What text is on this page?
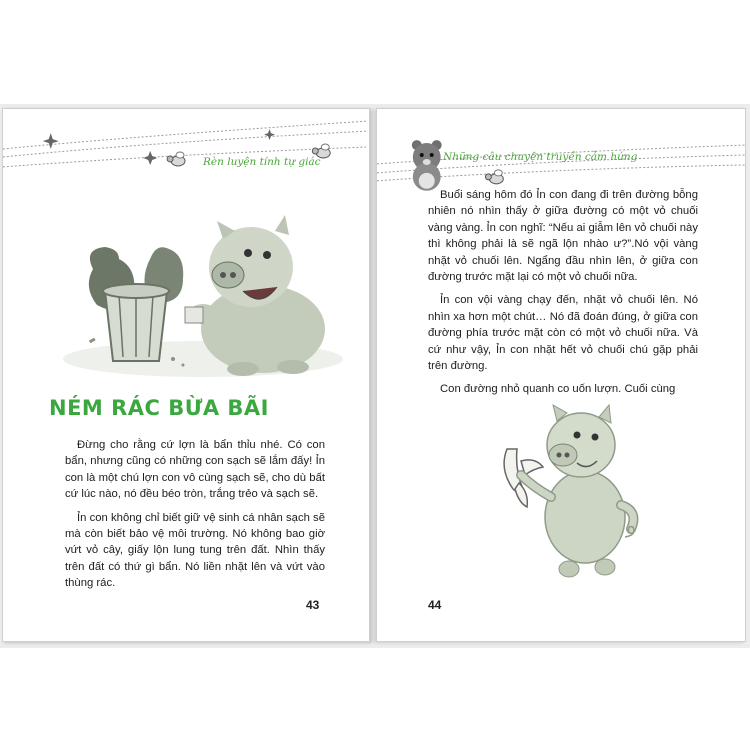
Rèn luyện tính tự giác
NÉM RÁC BỪA BÃI

Đừng cho rằng cứ lợn là bẩn thỉu nhé. Có con bẩn, nhưng cũng có những con sạch sẽ lắm đấy! Ỉn con là một chú lợn con vô cùng sạch sẽ, cho dù bất cứ lúc nào, nó đều béo tròn, trắng trẻo và sạch sẽ.

Ỉn con không chỉ biết giữ vệ sinh cá nhân sạch sẽ mà còn biết bảo vệ môi trường. Nó không bao giờ vứt vỏ cây, giấy lộn lung tung trên đất. Nhìn thấy trên đất có thứ gì bẩn. Nó liền nhặt lên và vứt vào thùng rác.

43
Những câu chuyện truyền cảm hứng

Buổi sáng hôm đó Ỉn con đang đi trên đường bỗng nhiên nó nhìn thấy ở giữa đường có một vỏ chuối vàng vàng. Ỉn con nghĩ: “Nếu ai giẫm lên vỏ chuối này thì không phải là sẽ ngã lộn nhào ư?”.Nó vội vàng nhặt vỏ chuối lên. Ngẩng đầu nhìn lên, ở giữa con đường trước mặt lại có một vỏ chuối nữa.

Ỉn con vội vàng chạy đến, nhặt vỏ chuối lên. Nó nhìn xa hơn một chút… Nó đã đoán đúng, ở giữa con đường phía trước mặt còn có một vỏ chuối nữa. Và cứ như vậy, Ỉn con nhặt hết vỏ chuối chú gặp phải trên đường.

Con đường nhỏ quanh co uốn lượn. Cuối cùng

44
